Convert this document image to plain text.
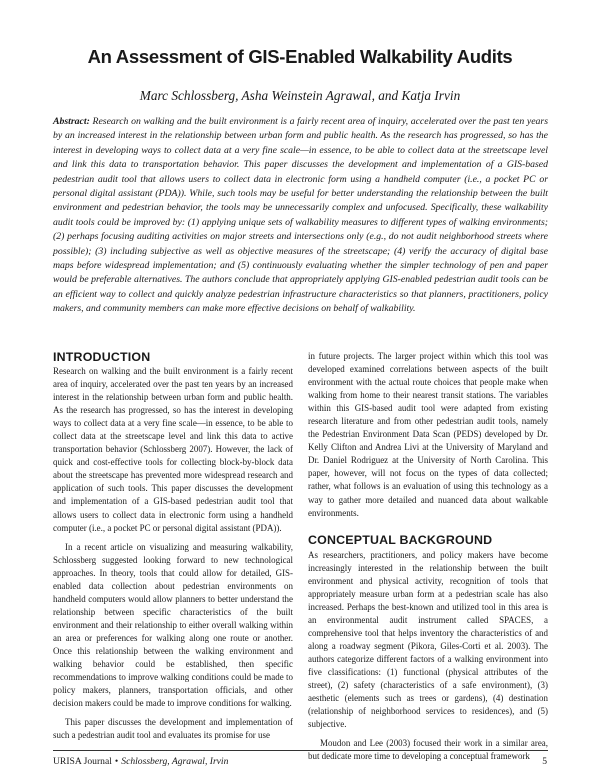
An Assessment of GIS-Enabled Walkability Audits
Marc Schlossberg, Asha Weinstein Agrawal, and Katja Irvin

Abstract: Research on walking and the built environment is a fairly recent area of inquiry, accelerated over the past ten years by an increased interest in the relationship between urban form and public health. As the research has progressed, so has the interest in developing ways to collect data at a very fine scale—in essence, to be able to collect data at the streetscape level and link this data to transportation behavior. This paper discusses the development and implementation of a GIS-based pedestrian audit tool that allows users to collect data in electronic form using a handheld computer (i.e., a pocket PC or personal digital assistant (PDA)). While, such tools may be useful for better understanding the relationship between the built environment and pedestrian behavior, the tools may be unnecessarily complex and unfocused. Specifically, these walkability audit tools could be improved by: (1) applying unique sets of walkability measures to different types of walking environments; (2) perhaps focusing auditing activities on major streets and intersections only (e.g., do not audit neighborhood streets where possible); (3) including subjective as well as objective measures of the streetscape; (4) verify the accuracy of digital base maps before widespread implementation; and (5) continuously evaluating whether the simpler technology of pen and paper would be preferable alternatives. The authors conclude that appropriately applying GIS-enabled pedestrian audit tools can be an efficient way to collect and quickly analyze pedestrian infrastructure characteristics so that planners, practitioners, policy makers, and community members can make more effective decisions on behalf of walkability.

INTRODUCTION

Research on walking and the built environment is a fairly recent area of inquiry, accelerated over the past ten years by an increased interest in the relationship between urban form and public health. As the research has progressed, so has the interest in developing ways to collect data at a very fine scale—in essence, to be able to collect data at the streetscape level and link this data to active transportation behavior (Schlossberg 2007). However, the lack of quick and cost-effective tools for collecting block-by-block data about the streetscape has prevented more widespread research and application of such tools. This paper discusses the development and implementation of a GIS-based pedestrian audit tool that allows users to collect data in electronic form using a handheld computer (i.e., a pocket PC or personal digital assistant (PDA)).

In a recent article on visualizing and measuring walkability, Schlossberg suggested looking forward to new technological approaches. In theory, tools that could allow for detailed, GIS-enabled data collection about pedestrian environments on handheld computers would allow planners to better understand the relationship between specific characteristics of the built environment and their relationship to either overall walking within an area or preferences for walking along one route or another. Once this relationship between the walking environment and walking behavior could be established, then specific recommendations to improve walking conditions could be made to policy makers, planners, transportation officials, and other decision makers could be made to improve conditions for walking.

This paper discusses the development and implementation of such a pedestrian audit tool and evaluates its promise for use

in future projects. The larger project within which this tool was developed examined correlations between aspects of the built environment with the actual route choices that people make when walking from home to their nearest transit stations. The variables within this GIS-based audit tool were adapted from existing research literature and from other pedestrian audit tools, namely the Pedestrian Environment Data Scan (PEDS) developed by Dr. Kelly Clifton and Andrea Livi at the University of Maryland and Dr. Daniel Rodriguez at the University of North Carolina. This paper, however, will not focus on the types of data collected; rather, what follows is an evaluation of using this technology as a way to gather more detailed and nuanced data about walkable environments.

CONCEPTUAL BACKGROUND

As researchers, practitioners, and policy makers have become increasingly interested in the relationship between the built environment and physical activity, recognition of tools that appropriately measure urban form at a pedestrian scale has also increased. Perhaps the best-known and utilized tool in this area is an environmental audit instrument called SPACES, a comprehensive tool that helps inventory the characteristics of and along a roadway segment (Pikora, Giles-Corti et al. 2003). The authors categorize different factors of a walking environment into five classifications: (1) functional (physical attributes of the street), (2) safety (characteristics of a safe environment), (3) aesthetic (elements such as trees or gardens), (4) destination (relationship of neighborhood services to residences), and (5) subjective.

Moudon and Lee (2003) focused their work in a similar area, but dedicate more time to developing a conceptual framework

URISA Journal • Schlossberg, Agrawal, Irvin	5
